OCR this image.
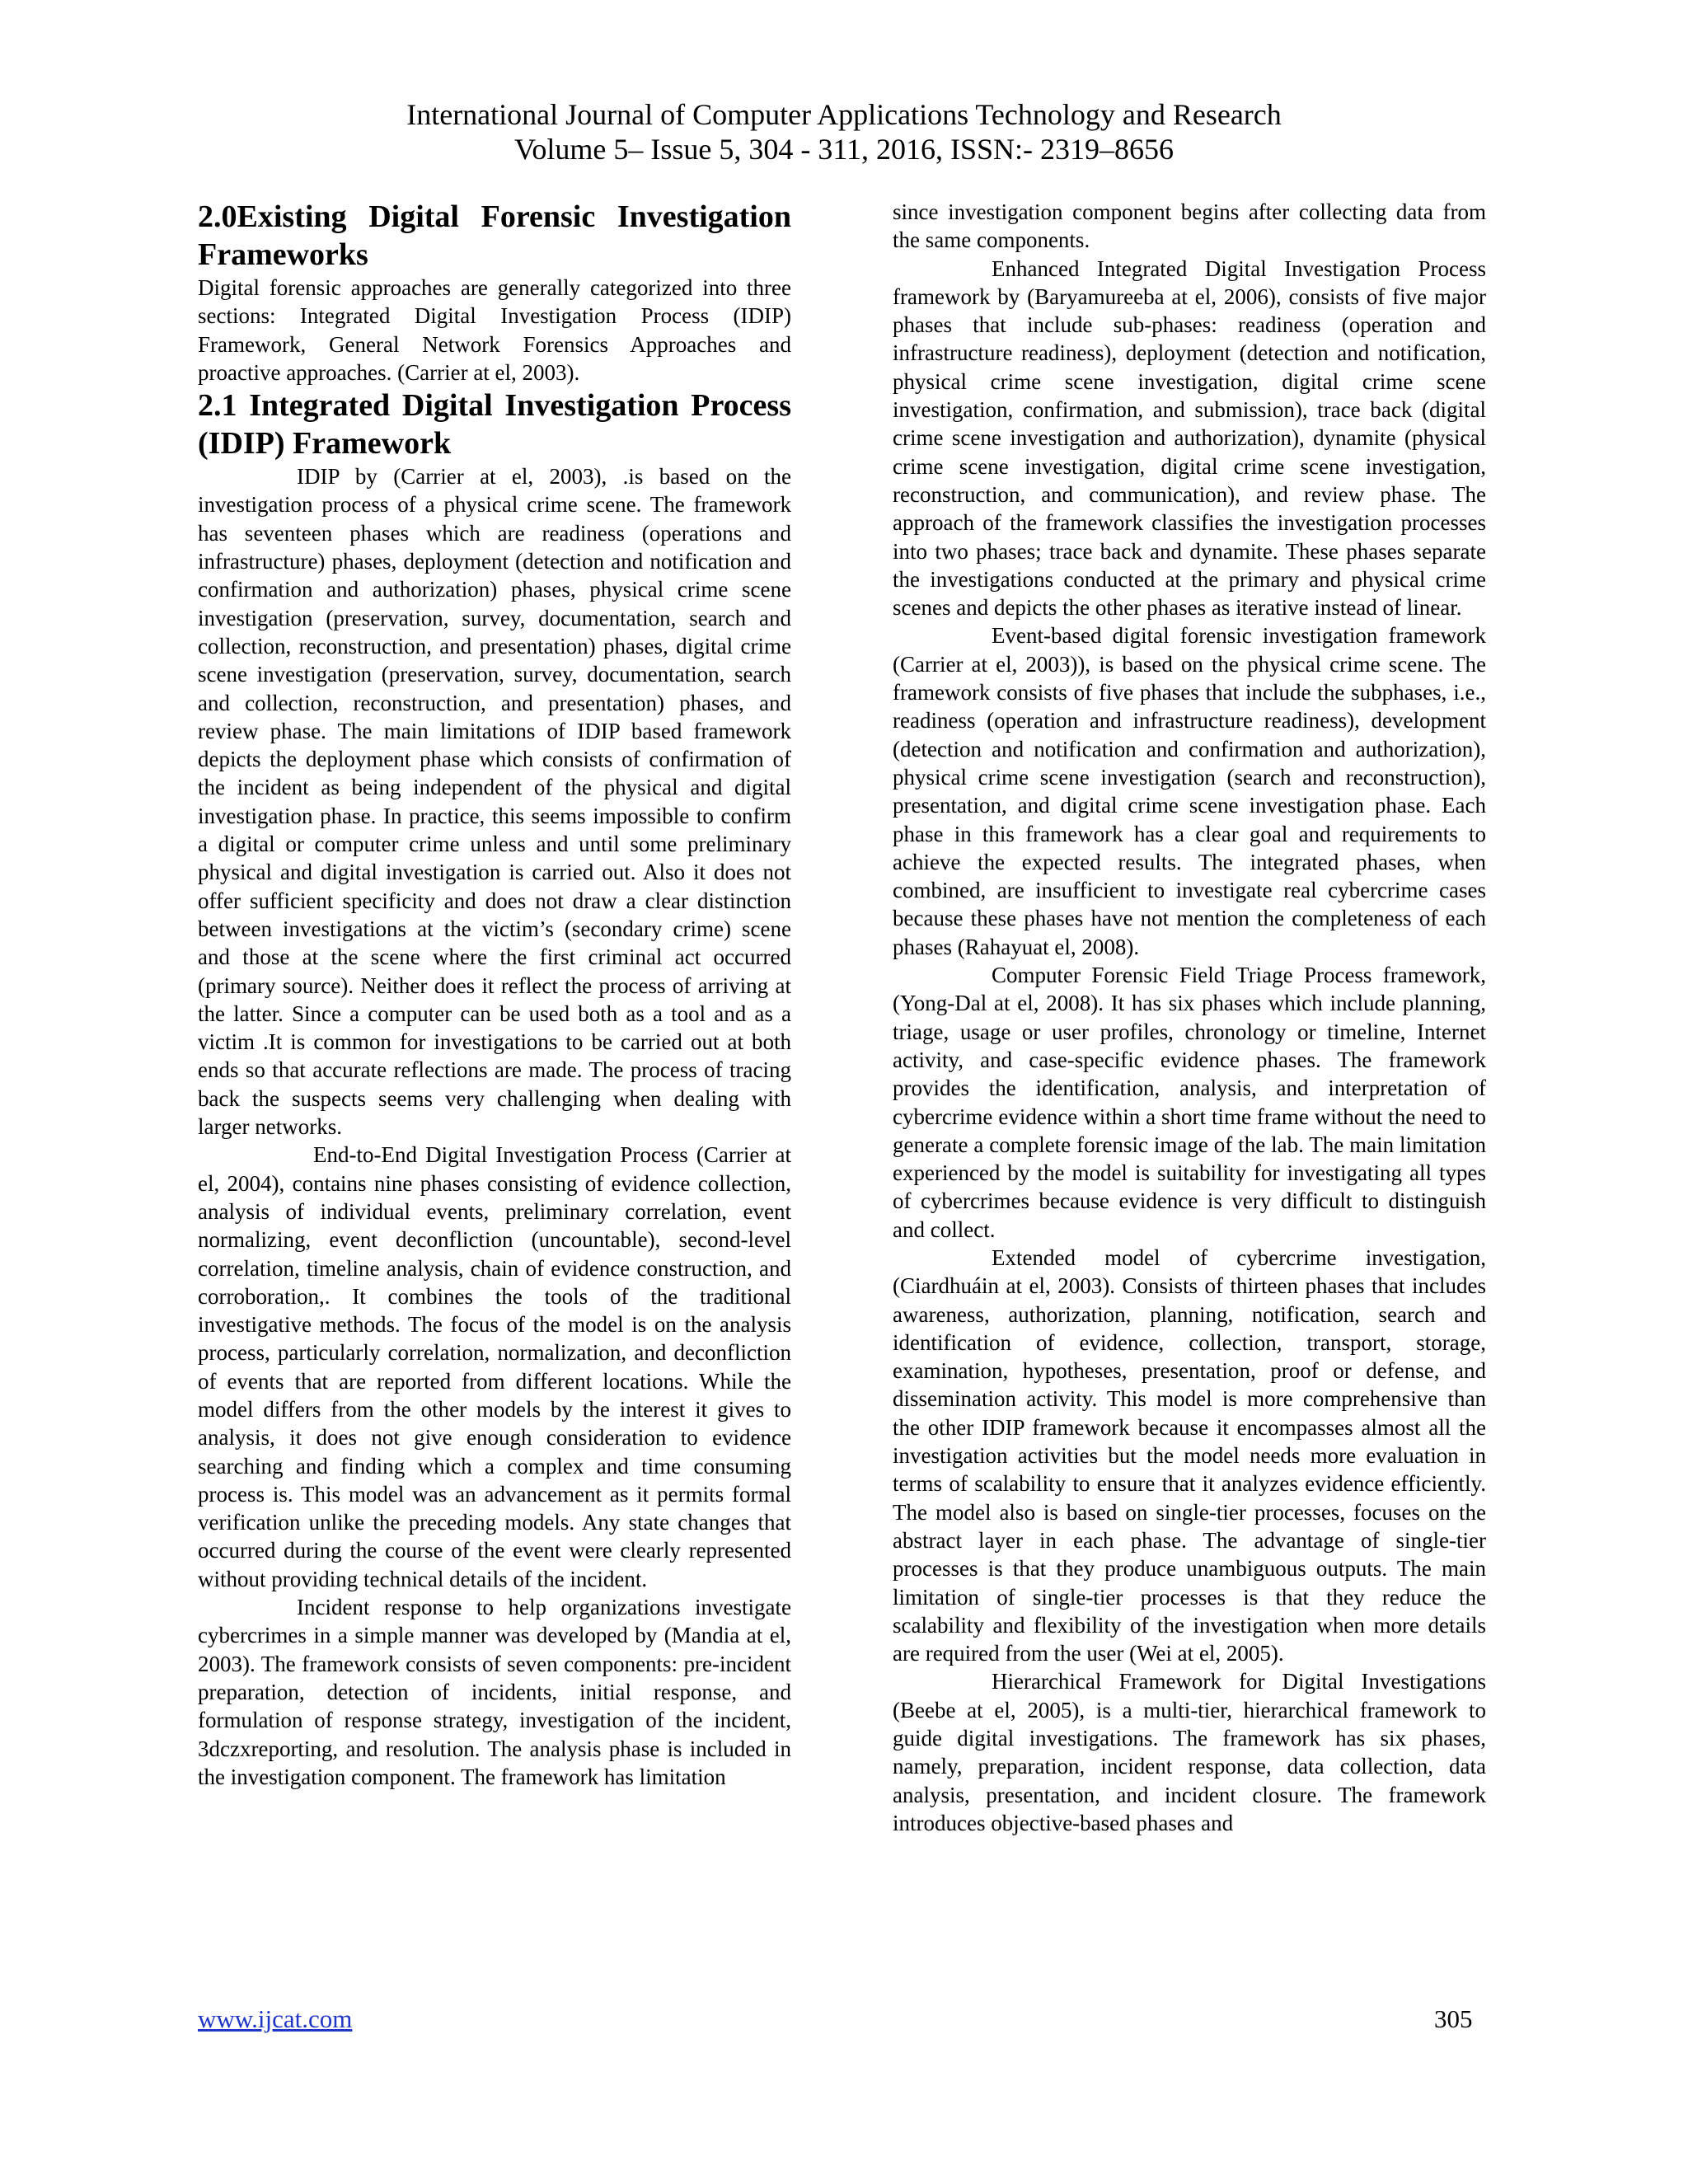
International Journal of Computer Applications Technology and Research
Volume 5– Issue 5, 304 - 311, 2016, ISSN:- 2319–8656
2.0Existing Digital Forensic Investigation Frameworks

Digital forensic approaches are generally categorized into three sections: Integrated Digital Investigation Process (IDIP) Framework, General Network Forensics Approaches and proactive approaches. (Carrier at el, 2003).

2.1 Integrated Digital Investigation Process (IDIP) Framework

IDIP by (Carrier at el, 2003), .is based on the investigation process of a physical crime scene. The framework has seventeen phases which are readiness (operations and infrastructure) phases, deployment (detection and notification and confirmation and authorization) phases, physical crime scene investigation (preservation, survey, documentation, search and collection, reconstruction, and presentation) phases, digital crime scene investigation (preservation, survey, documentation, search and collection, reconstruction, and presentation) phases, and review phase. The main limitations of IDIP based framework depicts the deployment phase which consists of confirmation of the incident as being independent of the physical and digital investigation phase. In practice, this seems impossible to confirm a digital or computer crime unless and until some preliminary physical and digital investigation is carried out. Also it does not offer sufficient specificity and does not draw a clear distinction between investigations at the victim’s (secondary crime) scene and those at the scene where the first criminal act occurred (primary source). Neither does it reflect the process of arriving at the latter. Since a computer can be used both as a tool and as a victim .It is common for investigations to be carried out at both ends so that accurate reflections are made. The process of tracing back the suspects seems very challenging when dealing with larger networks.

End-to-End Digital Investigation Process (Carrier at el, 2004), contains nine phases consisting of evidence collection, analysis of individual events, preliminary correlation, event normalizing, event deconfliction (uncountable), second-level correlation, timeline analysis, chain of evidence construction, and corroboration,. It combines the tools of the traditional investigative methods. The focus of the model is on the analysis process, particularly correlation, normalization, and deconfliction of events that are reported from different locations. While the model differs from the other models by the interest it gives to analysis, it does not give enough consideration to evidence searching and finding which a complex and time consuming process is. This model was an advancement as it permits formal verification unlike the preceding models. Any state changes that occurred during the course of the event were clearly represented without providing technical details of the incident.

Incident response to help organizations investigate cybercrimes in a simple manner was developed by (Mandia at el, 2003). The framework consists of seven components: pre-incident preparation, detection of incidents, initial response, and formulation of response strategy, investigation of the incident, 3dczxreporting, and resolution. The analysis phase is included in the investigation component. The framework has limitation

since investigation component begins after collecting data from the same components.

Enhanced Integrated Digital Investigation Process framework by (Baryamureeba at el, 2006), consists of five major phases that include sub-phases: readiness (operation and infrastructure readiness), deployment (detection and notification, physical crime scene investigation, digital crime scene investigation, confirmation, and submission), trace back (digital crime scene investigation and authorization), dynamite (physical crime scene investigation, digital crime scene investigation, reconstruction, and communication), and review phase. The approach of the framework classifies the investigation processes into two phases; trace back and dynamite. These phases separate the investigations conducted at the primary and physical crime scenes and depicts the other phases as iterative instead of linear.

Event-based digital forensic investigation framework (Carrier at el, 2003)), is based on the physical crime scene. The framework consists of five phases that include the subphases, i.e., readiness (operation and infrastructure readiness), development (detection and notification and confirmation and authorization), physical crime scene investigation (search and reconstruction), presentation, and digital crime scene investigation phase. Each phase in this framework has a clear goal and requirements to achieve the expected results. The integrated phases, when combined, are insufficient to investigate real cybercrime cases because these phases have not mention the completeness of each phases (Rahayuat el, 2008).

Computer Forensic Field Triage Process framework, (Yong-Dal at el, 2008). It has six phases which include planning, triage, usage or user profiles, chronology or timeline, Internet activity, and case-specific evidence phases. The framework provides the identification, analysis, and interpretation of cybercrime evidence within a short time frame without the need to generate a complete forensic image of the lab. The main limitation experienced by the model is suitability for investigating all types of cybercrimes because evidence is very difficult to distinguish and collect.

Extended model of cybercrime investigation, (Ciardhuáin at el, 2003). Consists of thirteen phases that includes awareness, authorization, planning, notification, search and identification of evidence, collection, transport, storage, examination, hypotheses, presentation, proof or defense, and dissemination activity. This model is more comprehensive than the other IDIP framework because it encompasses almost all the investigation activities but the model needs more evaluation in terms of scalability to ensure that it analyzes evidence efficiently. The model also is based on single-tier processes, focuses on the abstract layer in each phase. The advantage of single-tier processes is that they produce unambiguous outputs. The main limitation of single-tier processes is that they reduce the scalability and flexibility of the investigation when more details are required from the user (Wei at el, 2005).

Hierarchical Framework for Digital Investigations (Beebe at el, 2005), is a multi-tier, hierarchical framework to guide digital investigations. The framework has six phases, namely, preparation, incident response, data collection, data analysis, presentation, and incident closure. The framework introduces objective-based phases and

www.ijcat.com	305
